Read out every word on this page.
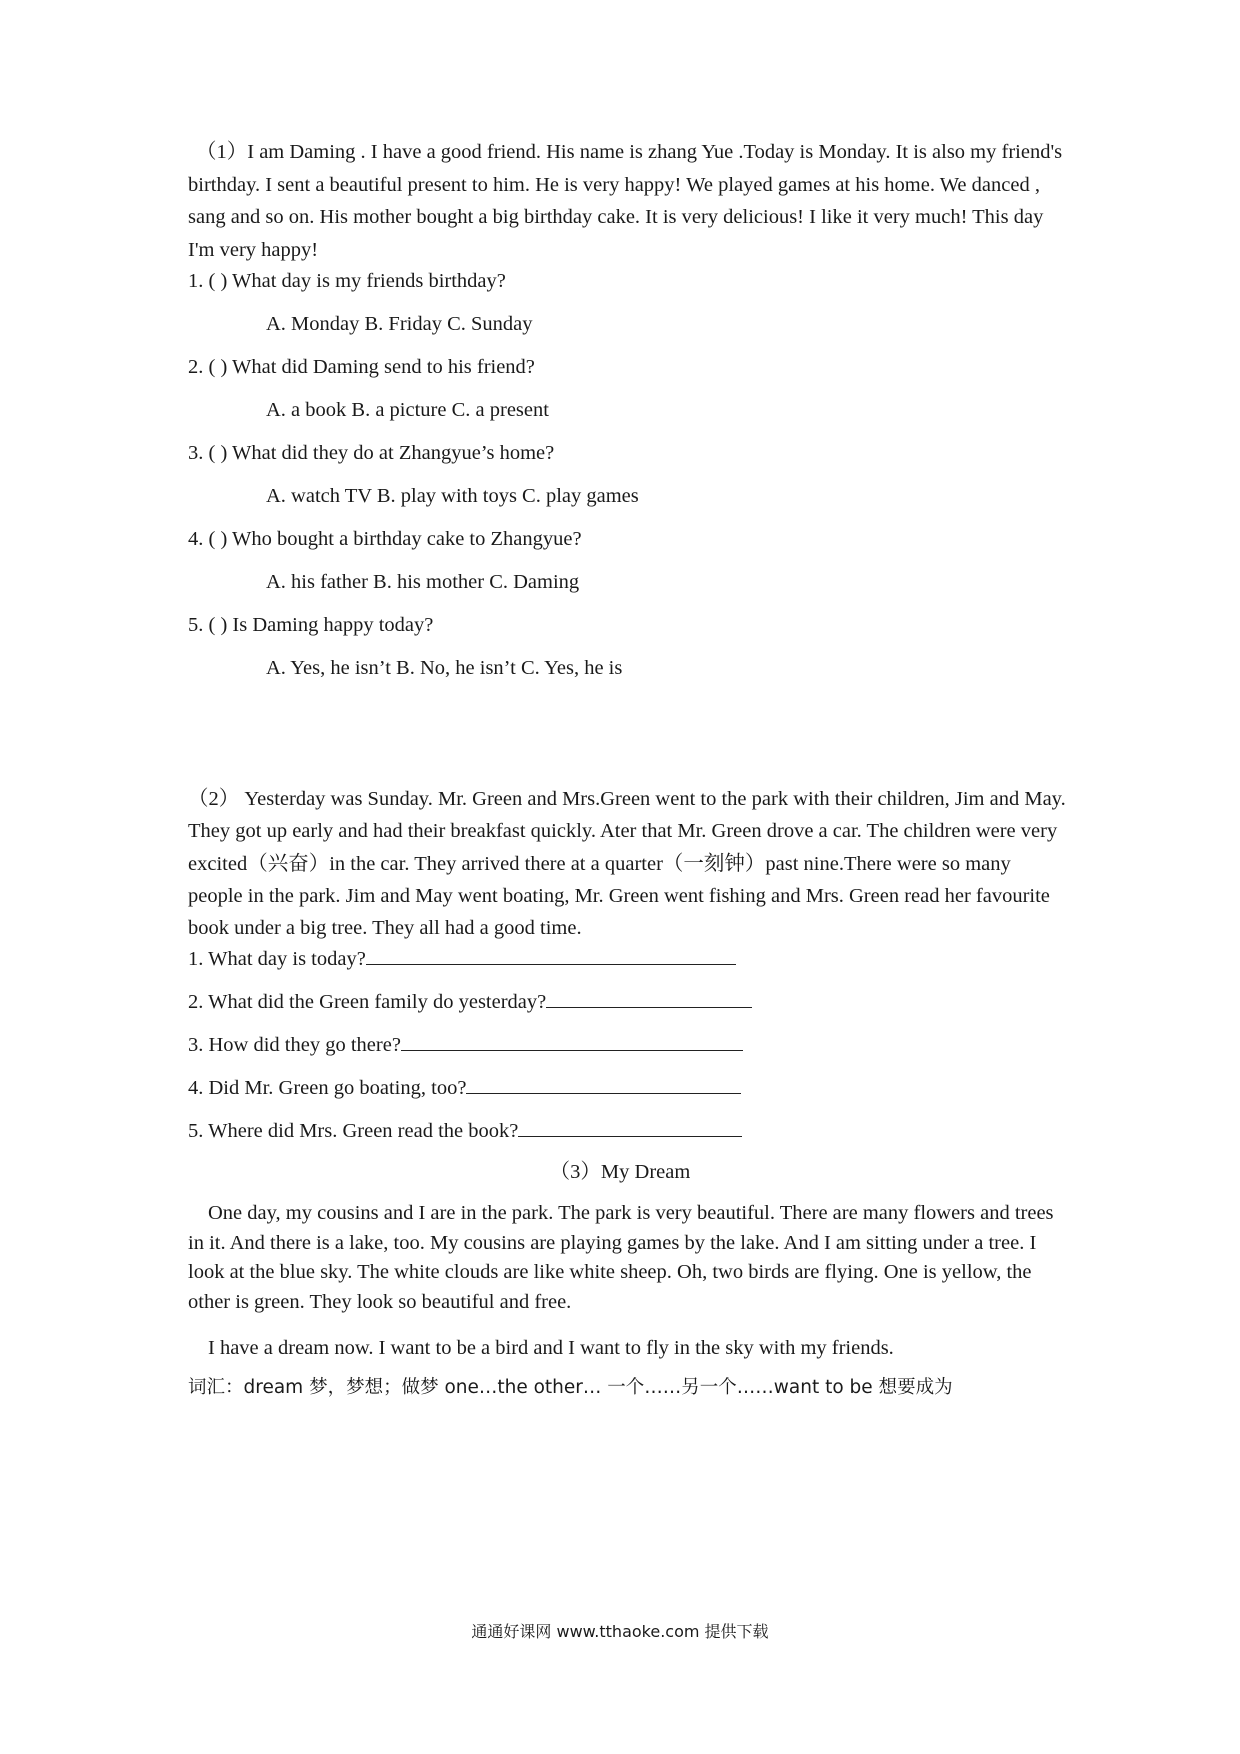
（1）I am Daming . I have a good friend. His name is zhang Yue .Today is Monday. It is also my friend's birthday. I sent a beautiful present to him. He is very happy! We played games at his home. We danced , sang and so on. His mother bought a big birthday cake. It is very delicious! I like it very much! This day I'm very happy!

1. ( ) What day is my friends birthday?
A. Monday B. Friday C. Sunday
2. ( ) What did Daming send to his friend?
A. a book B. a picture C. a present
3. ( ) What did they do at Zhangyue’s home?
A. watch TV B. play with toys C. play games
4. ( ) Who bought a birthday cake to Zhangyue?
A. his father B. his mother C. Daming
5. ( ) Is Daming happy today?
A. Yes, he isn’t B. No, he isn’t C. Yes, he is

（2） Yesterday was Sunday. Mr. Green and Mrs.Green went to the park with their children, Jim and May. They got up early and had their breakfast quickly. Ater that Mr. Green drove a car. The children were very excited（兴奋）in the car. They arrived there at a quarter（一刻钟）past nine.There were so many people in the park. Jim and May went boating, Mr. Green went fishing and Mrs. Green read her favourite book under a big tree. They all had a good time.

1. What day is today?
2. What did the Green family do yesterday?
3. How did they go there?
4. Did Mr. Green go boating, too?
5. Where did Mrs. Green read the book?
（3）My Dream

One day, my cousins and I are in the park. The park is very beautiful. There are many flowers and trees in it. And there is a lake, too. My cousins are playing games by the lake. And I am sitting under a tree. I look at the blue sky. The white clouds are like white sheep. Oh, two birds are flying. One is yellow, the other is green. They look so beautiful and free.

I have a dream now. I want to be a bird and I want to fly in the sky with my friends.

词汇：dream 梦，梦想；做梦 one…the other… 一个……另一个……want to be 想要成为
通通好课网 www.tthaoke.com 提供下载
